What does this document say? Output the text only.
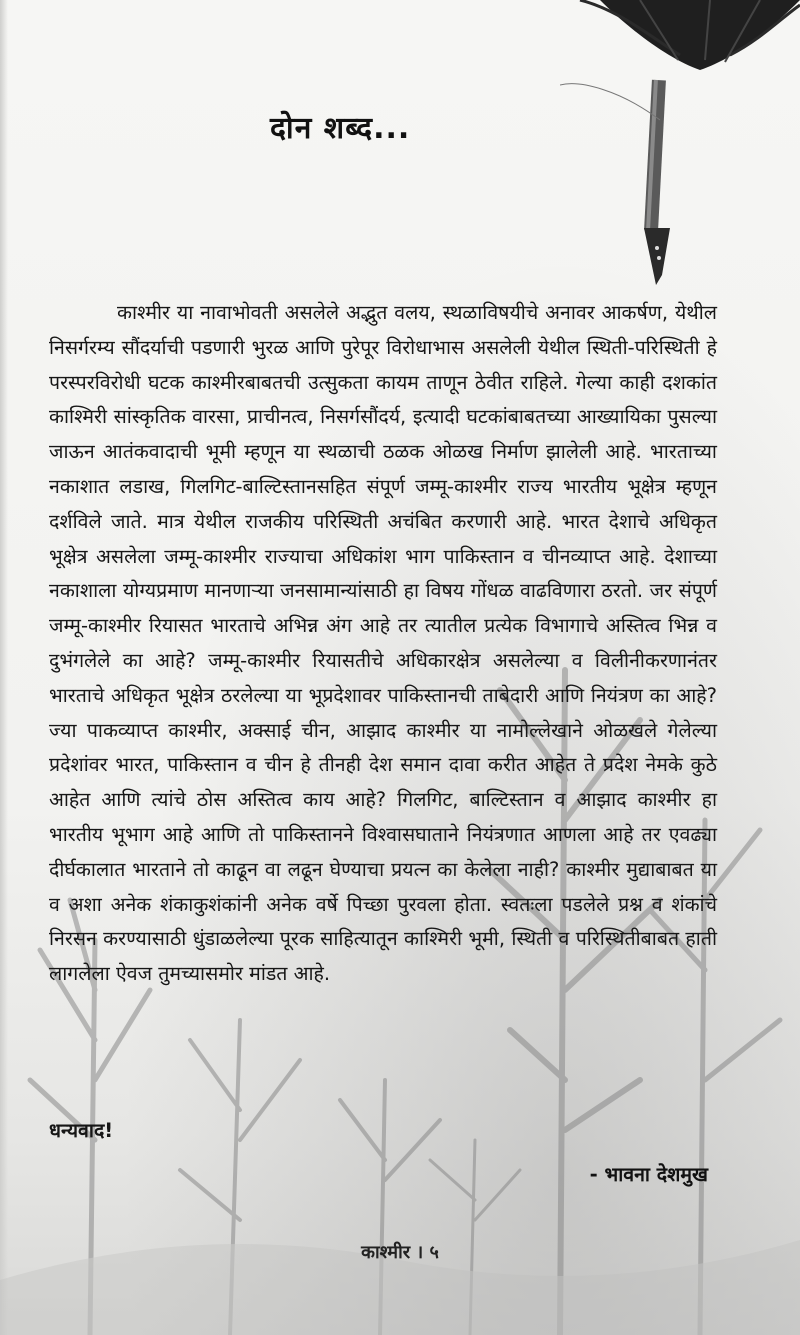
दोन शब्द...

काश्मीर या नावाभोवती असलेले अद्भुत वलय, स्थळाविषयीचे अनावर आकर्षण, येथील निसर्गरम्य सौंदर्याची पडणारी भुरळ आणि पुरेपूर विरोधाभास असलेली येथील स्थिती-परिस्थिती हे परस्परविरोधी घटक काश्मीरबाबतची उत्सुकता कायम ताणून ठेवीत राहिले. गेल्या काही दशकांत काश्मिरी सांस्कृतिक वारसा, प्राचीनत्व, निसर्गसौंदर्य, इत्यादी घटकांबाबतच्या आख्यायिका पुसल्या जाऊन आतंकवादाची भूमी म्हणून या स्थळाची ठळक ओळख निर्माण झालेली आहे. भारताच्या नकाशात लडाख, गिलगिट-बाल्टिस्तानसहित संपूर्ण जम्मू-काश्मीर राज्य भारतीय भूक्षेत्र म्हणून दर्शविले जाते. मात्र येथील राजकीय परिस्थिती अचंबित करणारी आहे. भारत देशाचे अधिकृत भूक्षेत्र असलेला जम्मू-काश्मीर राज्याचा अधिकांश भाग पाकिस्तान व चीनव्याप्त आहे. देशाच्या नकाशाला योग्यप्रमाण मानणाऱ्या जनसामान्यांसाठी हा विषय गोंधळ वाढविणारा ठरतो. जर संपूर्ण जम्मू-काश्मीर रियासत भारताचे अभिन्न अंग आहे तर त्यातील प्रत्येक विभागाचे अस्तित्व भिन्न व दुभंगलेले का आहे? जम्मू-काश्मीर रियासतीचे अधिकारक्षेत्र असलेल्या व विलीनीकरणानंतर भारताचे अधिकृत भूक्षेत्र ठरलेल्या या भूप्रदेशावर पाकिस्तानची ताबेदारी आणि नियंत्रण का आहे? ज्या पाकव्याप्त काश्मीर, अक्साई चीन, आझाद काश्मीर या नामोल्लेखाने ओळखले गेलेल्या प्रदेशांवर भारत, पाकिस्तान व चीन हे तीनही देश समान दावा करीत आहेत ते प्रदेश नेमके कुठे आहेत आणि त्यांचे ठोस अस्तित्व काय आहे? गिलगिट, बाल्टिस्तान व आझाद काश्मीर हा भारतीय भूभाग आहे आणि तो पाकिस्तानने विश्वासघाताने नियंत्रणात आणला आहे तर एवढ्या दीर्घकालात भारताने तो काढून वा लढून घेण्याचा प्रयत्न का केलेला नाही? काश्मीर मुद्याबाबत या व अशा अनेक शंकाकुशंकांनी अनेक वर्षे पिच्छा पुरवला होता. स्वतःला पडलेले प्रश्न व शंकांचे निरसन करण्यासाठी धुंडाळलेल्या पूरक साहित्यातून काश्मिरी भूमी, स्थिती व परिस्थितीबाबत हाती लागलेला ऐवज तुमच्यासमोर मांडत आहे.

धन्यवाद!
- भावना देशमुख
काश्मीर । ५
